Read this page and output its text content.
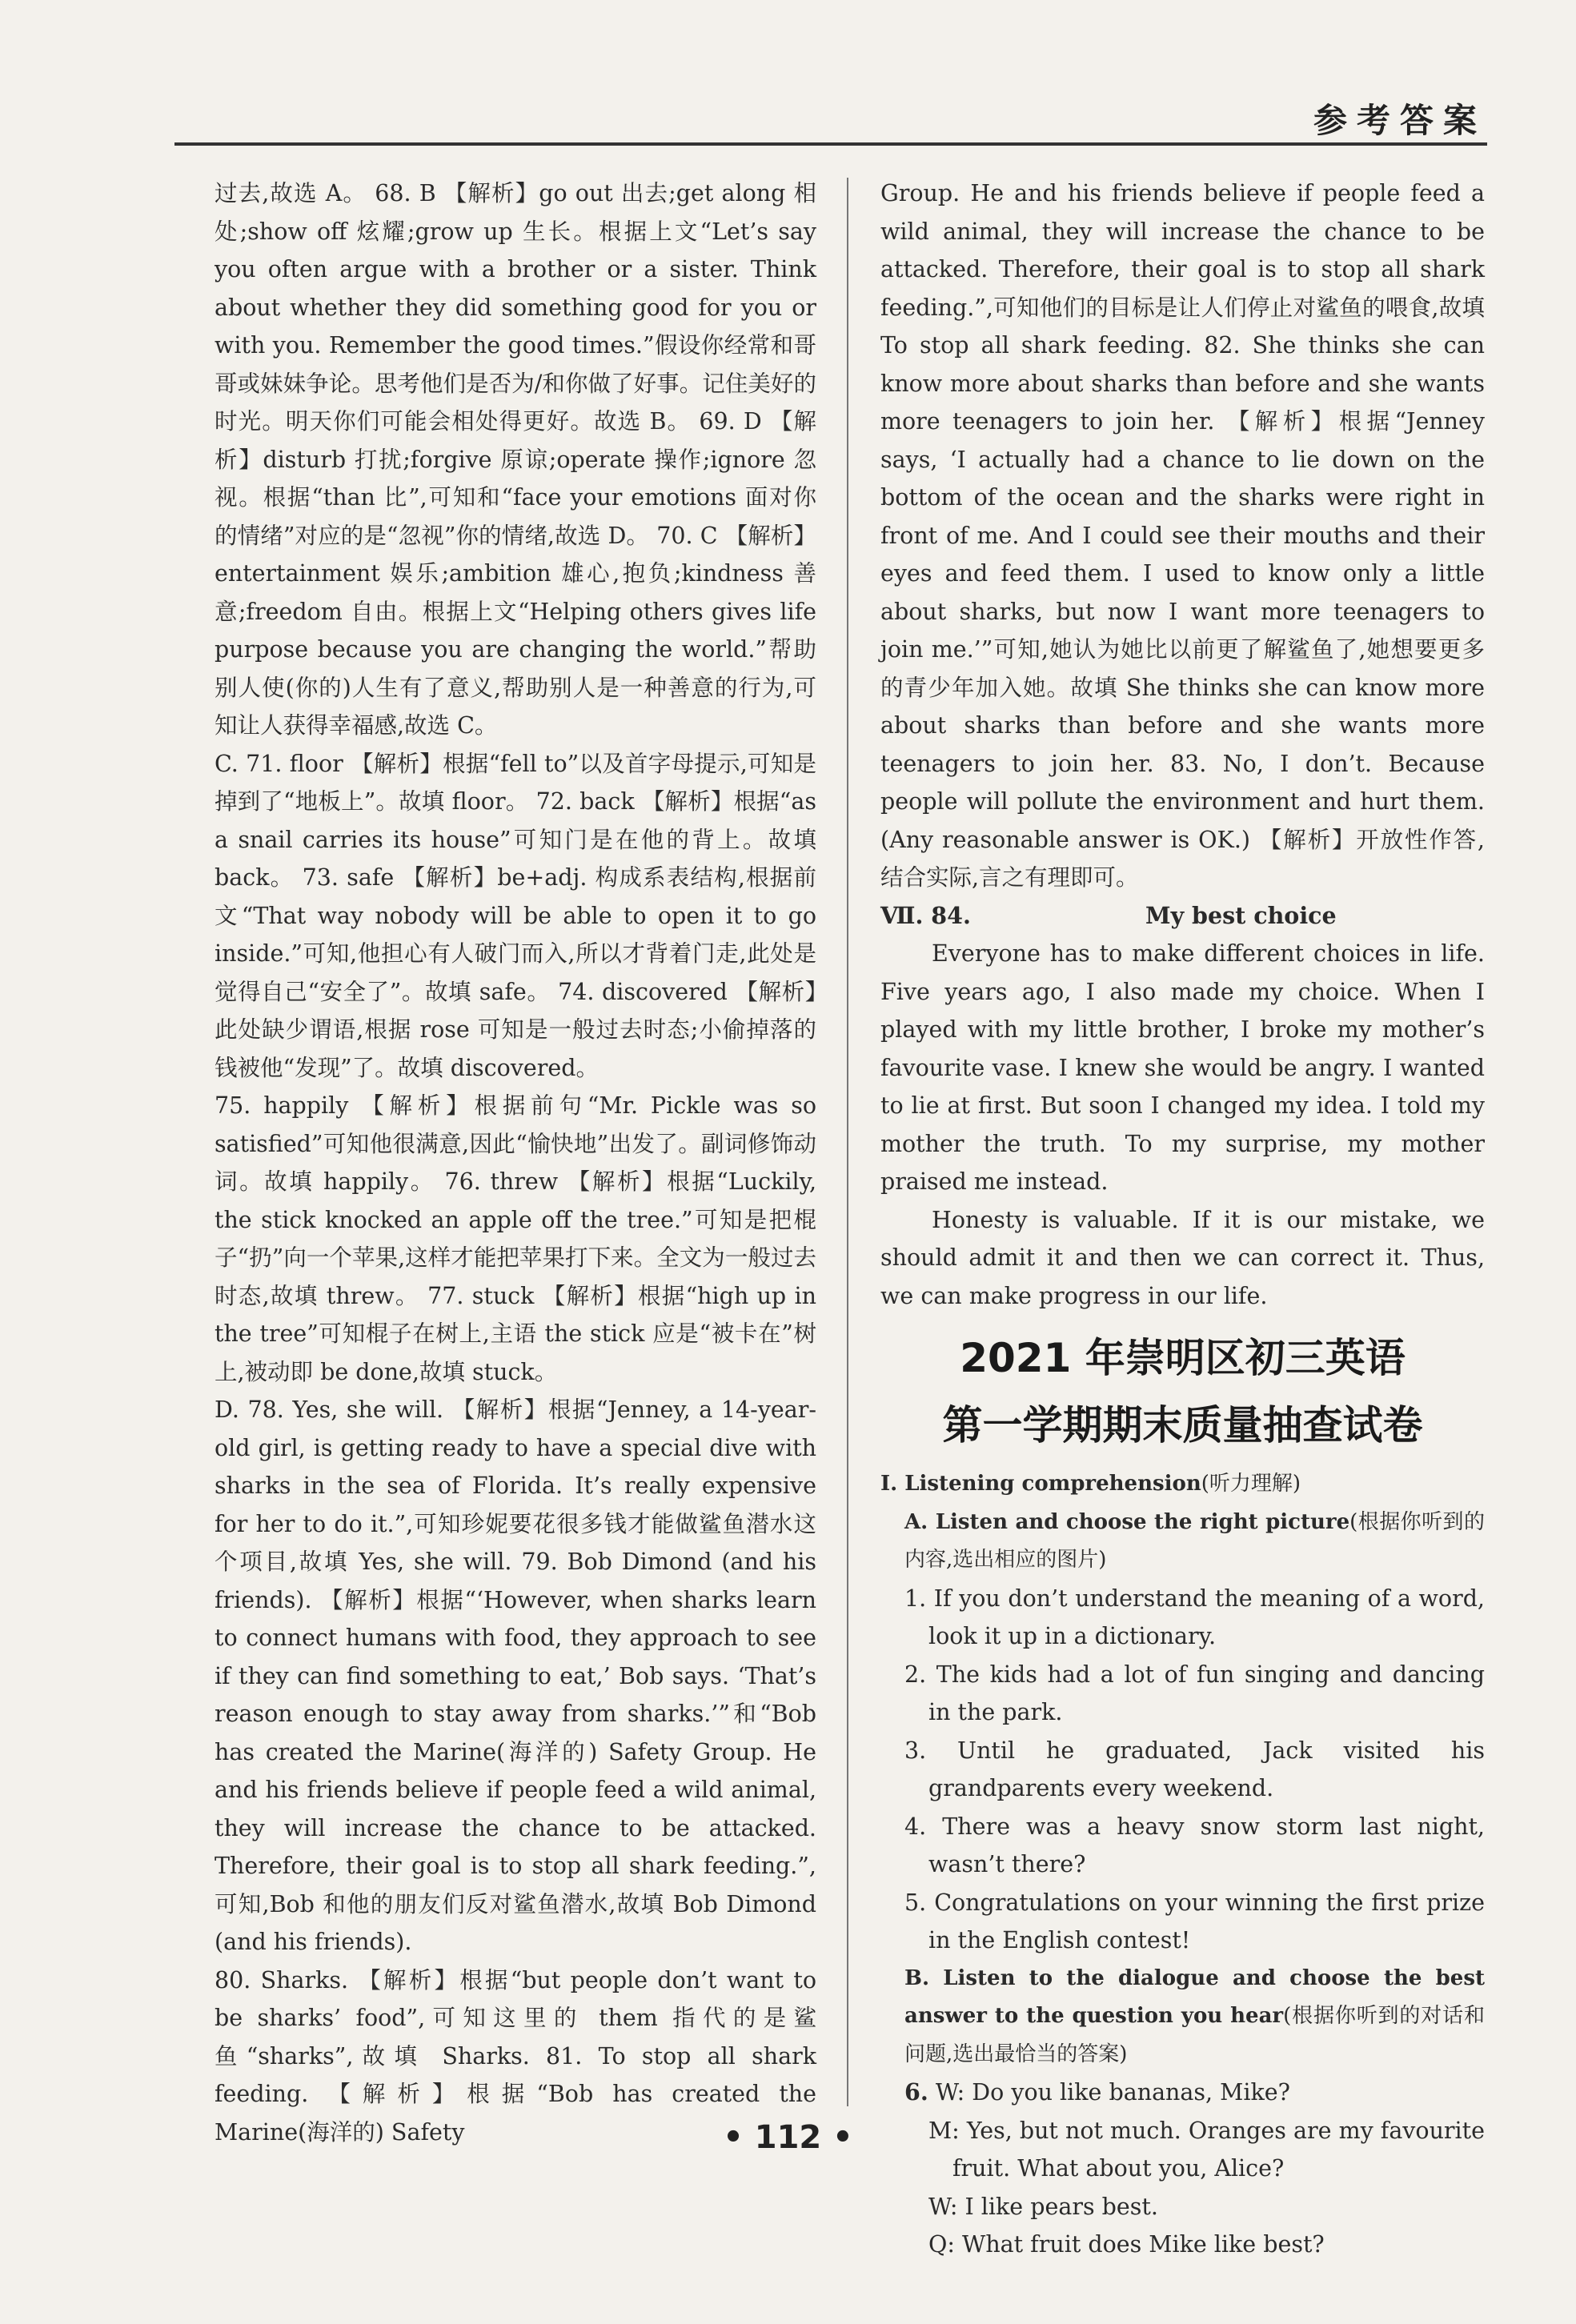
参考答案

过去,故选 A。 68. B 【解析】go out 出去;get along 相处;show off 炫耀;grow up 生长。根据上文“Let’s say you often argue with a brother or a sister. Think about whether they did something good for you or with you. Remember the good times.”假设你经常和哥哥或妹妹争论。思考他们是否为/和你做了好事。记住美好的时光。明天你们可能会相处得更好。故选 B。 69. D 【解析】disturb 打扰;forgive 原谅;operate 操作;ignore 忽视。根据“than 比”,可知和“face your emotions 面对你的情绪”对应的是“忽视”你的情绪,故选 D。 70. C 【解析】entertainment 娱乐;ambition 雄心,抱负;kindness 善意;freedom 自由。根据上文“Helping others gives life purpose because you are changing the world.”帮助别人使(你的)人生有了意义,帮助别人是一种善意的行为,可知让人获得幸福感,故选 C。

C. 71. floor 【解析】根据“fell to”以及首字母提示,可知是掉到了“地板上”。故填 floor。 72. back 【解析】根据“as a snail carries its house”可知门是在他的背上。故填 back。 73. safe 【解析】be+adj. 构成系表结构,根据前文“That way nobody will be able to open it to go inside.”可知,他担心有人破门而入,所以才背着门走,此处是觉得自己“安全了”。故填 safe。 74. discovered 【解析】此处缺少谓语,根据 rose 可知是一般过去时态;小偷掉落的钱被他“发现”了。故填 discovered。

75. happily 【解析】根据前句“Mr. Pickle was so satisfied”可知他很满意,因此“愉快地”出发了。副词修饰动词。故填 happily。 76. threw 【解析】根据“Luckily, the stick knocked an apple off the tree.”可知是把棍子“扔”向一个苹果,这样才能把苹果打下来。全文为一般过去时态,故填 threw。 77. stuck 【解析】根据“high up in the tree”可知棍子在树上,主语 the stick 应是“被卡在”树上,被动即 be done,故填 stuck。

D. 78. Yes, she will. 【解析】根据“Jenney, a 14-year-old girl, is getting ready to have a special dive with sharks in the sea of Florida. It’s really expensive for her to do it.”,可知珍妮要花很多钱才能做鲨鱼潜水这个项目,故填 Yes, she will. 79. Bob Dimond (and his friends). 【解析】根据“‘However, when sharks learn to connect humans with food, they approach to see if they can find something to eat,’ Bob says. ‘That’s reason enough to stay away from sharks.’”和“Bob has created the Marine(海洋的) Safety Group. He and his friends believe if people feed a wild animal, they will increase the chance to be attacked. Therefore, their goal is to stop all shark feeding.”,可知,Bob 和他的朋友们反对鲨鱼潜水,故填 Bob Dimond (and his friends).

80. Sharks. 【解析】根据“but people don’t want to be sharks’ food”,可知这里的 them 指代的是鲨鱼“sharks”,故填 Sharks. 81. To stop all shark feeding. 【解析】根据“Bob has created the Marine(海洋的) Safety

Group. He and his friends believe if people feed a wild animal, they will increase the chance to be attacked. Therefore, their goal is to stop all shark feeding.”,可知他们的目标是让人们停止对鲨鱼的喂食,故填 To stop all shark feeding. 82. She thinks she can know more about sharks than before and she wants more teenagers to join her. 【解析】根据“Jenney says, ‘I actually had a chance to lie down on the bottom of the ocean and the sharks were right in front of me. And I could see their mouths and their eyes and feed them. I used to know only a little about sharks, but now I want more teenagers to join me.’”可知,她认为她比以前更了解鲨鱼了,她想要更多的青少年加入她。故填 She thinks she can know more about sharks than before and she wants more teenagers to join her. 83. No, I don’t. Because people will pollute the environment and hurt them. (Any reasonable answer is OK.) 【解析】开放性作答,结合实际,言之有理即可。

Ⅶ. 84.	My best choice

Everyone has to make different choices in life. Five years ago, I also made my choice. When I played with my little brother, I broke my mother’s favourite vase. I knew she would be angry. I wanted to lie at first. But soon I changed my idea. I told my mother the truth. To my surprise, my mother praised me instead.

Honesty is valuable. If it is our mistake, we should admit it and then we can correct it. Thus, we can make progress in our life.

2021 年崇明区初三英语
第一学期期末质量抽查试卷

Ⅰ. Listening comprehension(听力理解)

A. Listen and choose the right picture(根据你听到的内容,选出相应的图片)

1. If you don’t understand the meaning of a word, look it up in a dictionary.

2. The kids had a lot of fun singing and dancing in the park.

3. Until he graduated, Jack visited his grandparents every weekend.

4. There was a heavy snow storm last night, wasn’t there?

5. Congratulations on your winning the first prize in the English contest!

B. Listen to the dialogue and choose the best answer to the question you hear(根据你听到的对话和问题,选出最恰当的答案)

6. W: Do you like bananas, Mike?

M: Yes, but not much. Oranges are my favourite fruit. What about you, Alice?

W: I like pears best.

Q: What fruit does Mike like best?

• 112 •
